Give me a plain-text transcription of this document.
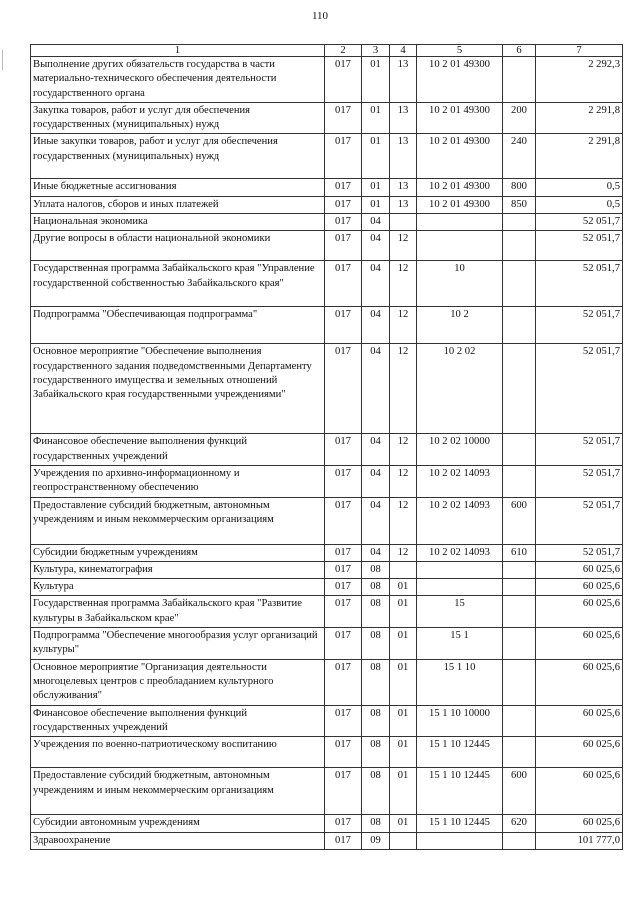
110
1	2	3	4	5	6	7
Выполнение других обязательств государства в части материально-технического обеспечения деятельности государственного органа	017	01	13	10 2 01 49300		2 292,3
Закупка товаров, работ и услуг для обеспечения государственных (муниципальных) нужд	017	01	13	10 2 01 49300	200	2 291,8
Иные закупки товаров, работ и услуг для обеспечения государственных (муниципальных) нужд	017	01	13	10 2 01 49300	240	2 291,8
Иные бюджетные ассигнования	017	01	13	10 2 01 49300	800	0,5
Уплата налогов, сборов и иных платежей	017	01	13	10 2 01 49300	850	0,5
Национальная экономика	017	04				52 051,7
Другие вопросы в области национальной экономики	017	04	12			52 051,7
Государственная программа Забайкальского края "Управление государственной собственностью Забайкальского края"	017	04	12	10		52 051,7
Подпрограмма "Обеспечивающая подпрограмма"	017	04	12	10 2		52 051,7
Основное мероприятие "Обеспечение выполнения государственного задания подведомственными Департаменту государственного имущества и земельных отношений Забайкальского края государственными учреждениями"	017	04	12	10 2 02		52 051,7
Финансовое обеспечение выполнения функций государственных учреждений	017	04	12	10 2 02 10000		52 051,7
Учреждения по архивно-информационному и геопространственному обеспечению	017	04	12	10 2 02 14093		52 051,7
Предоставление субсидий бюджетным, автономным учреждениям и иным некоммерческим организациям	017	04	12	10 2 02 14093	600	52 051,7
Субсидии бюджетным учреждениям	017	04	12	10 2 02 14093	610	52 051,7
Культура, кинематография	017	08				60 025,6
Культура	017	08	01			60 025,6
Государственная программа Забайкальского края "Развитие культуры в Забайкальском крае"	017	08	01	15		60 025,6
Подпрограмма "Обеспечение многообразия услуг организаций культуры"	017	08	01	15 1		60 025,6
Основное мероприятие "Организация деятельности многоцелевых центров с преобладанием культурного обслуживания"	017	08	01	15 1 10		60 025,6
Финансовое обеспечение выполнения функций государственных учреждений	017	08	01	15 1 10 10000		60 025,6
Учреждения по военно-патриотическому воспитанию	017	08	01	15 1 10 12445		60 025,6
Предоставление субсидий бюджетным, автономным учреждениям и иным некоммерческим организациям	017	08	01	15 1 10 12445	600	60 025,6
Субсидии автономным учреждениям	017	08	01	15 1 10 12445	620	60 025,6
Здравоохранение	017	09				101 777,0
